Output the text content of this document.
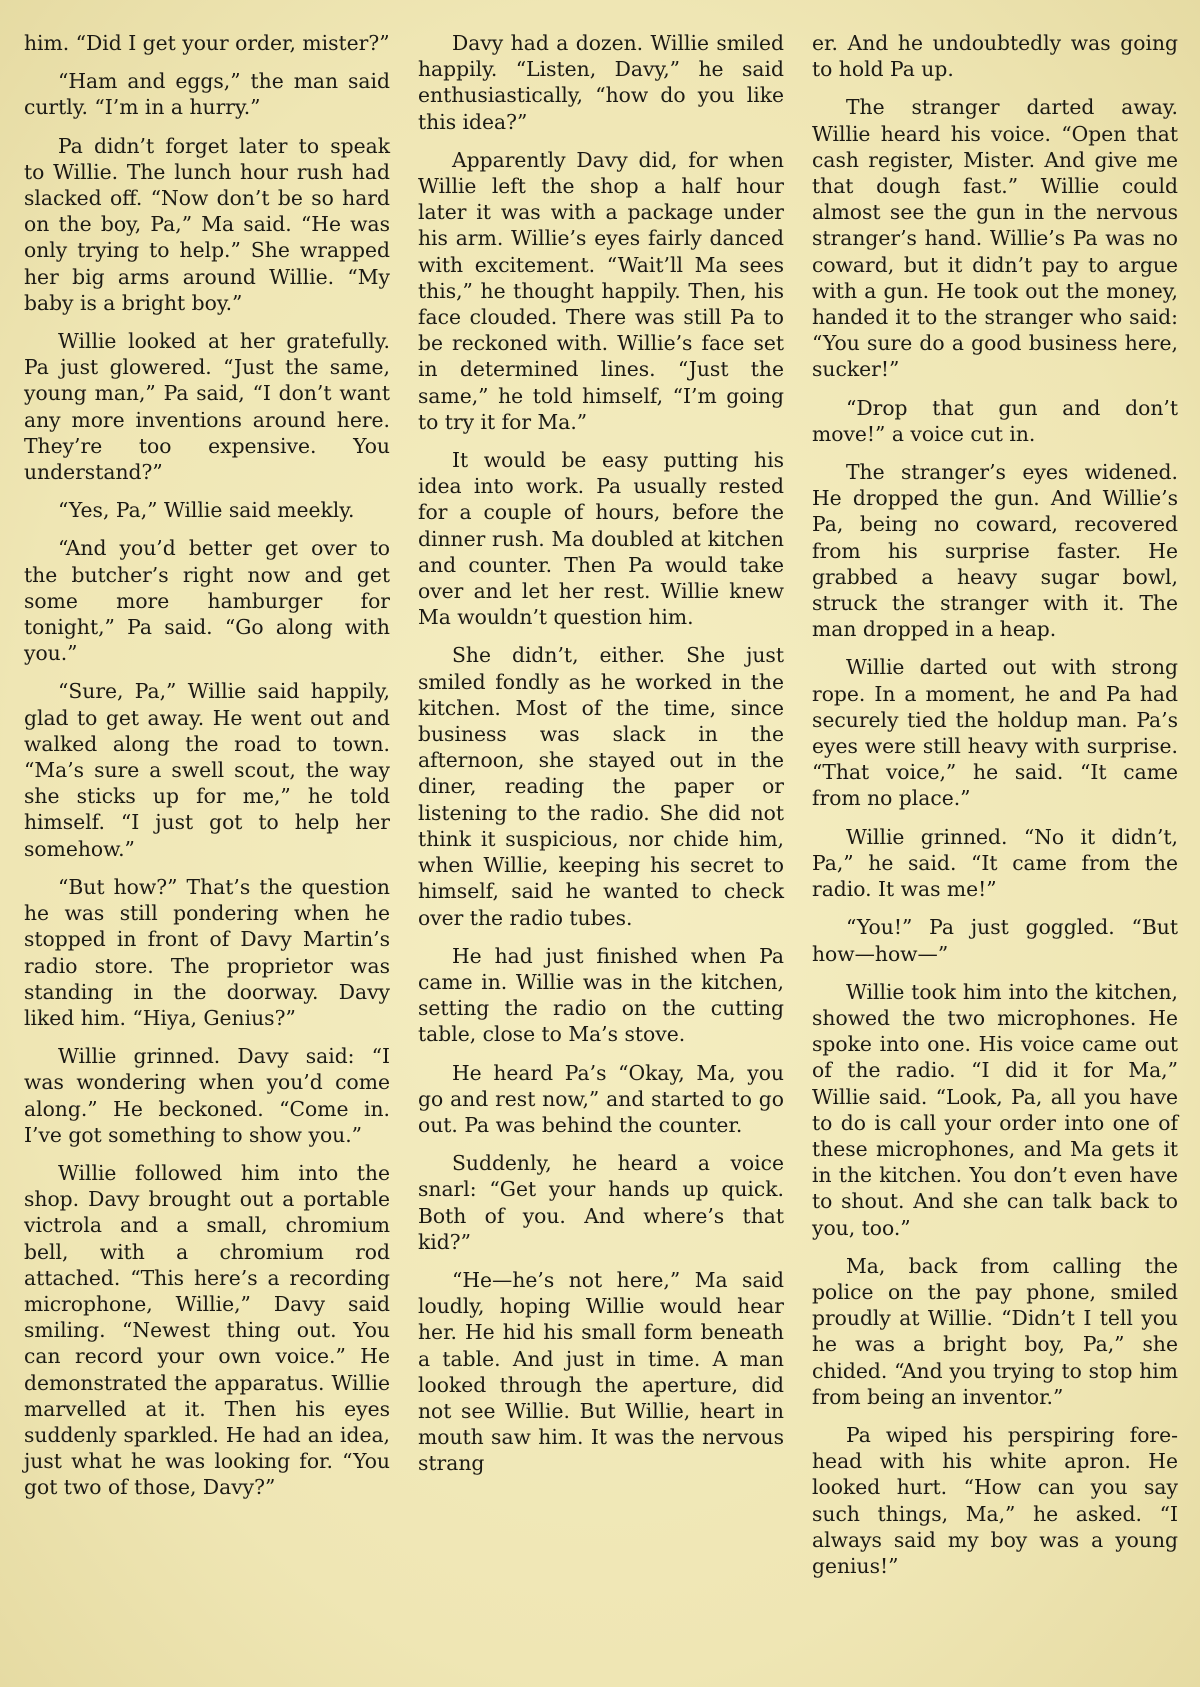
him. “Did I get your order, mister?”

“Ham and eggs,” the man said curtly. “I’m in a hurry.”

Pa didn’t forget later to speak to Willie. The lunch hour rush had slacked off. “Now don’t be so hard on the boy, Pa,” Ma said. “He was only trying to help.” She wrapped her big arms around Willie. “My baby is a bright boy.”

Willie looked at her gratefully. Pa just glowered. “Just the same, young man,” Pa said, “I don’t want any more inventions around here. They’re too expensive. You understand?”

“Yes, Pa,” Willie said meekly.

“And you’d better get over to the butcher’s right now and get some more hamburger for tonight,” Pa said. “Go along with you.”

“Sure, Pa,” Willie said happily, glad to get away. He went out and walked along the road to town. “Ma’s sure a swell scout, the way she sticks up for me,” he told himself. “I just got to help her somehow.”

“But how?” That’s the question he was still pondering when he stopped in front of Davy Martin’s radio store. The proprietor was standing in the doorway. Davy liked him. “Hiya, Genius?”

Willie grinned. Davy said: “I was wondering when you’d come along.” He beckoned. “Come in. I’ve got something to show you.”

Willie followed him into the shop. Davy brought out a portable victrola and a small, chromium bell, with a chromium rod attached. “This here’s a recording microphone, Willie,” Davy said smiling. “Newest thing out. You can record your own voice.” He demonstrated the apparatus. Willie marvelled at it. Then his eyes suddenly sparkled. He had an idea, just what he was looking for. “You got two of those, Davy?”

Davy had a dozen. Willie smiled happily. “Listen, Davy,” he said enthusiastically, “how do you like this idea?”

Apparently Davy did, for when Willie left the shop a half hour later it was with a package under his arm. Willie’s eyes fairly danced with excitement. “Wait’ll Ma sees this,” he thought happily. Then, his face clouded. There was still Pa to be reckoned with. Willie’s face set in determined lines. “Just the same,” he told himself, “I’m going to try it for Ma.”

It would be easy putting his idea into work. Pa usually rested for a couple of hours, before the dinner rush. Ma doubled at kitchen and counter. Then Pa would take over and let her rest. Willie knew Ma wouldn’t question him.

She didn’t, either. She just smiled fondly as he worked in the kitchen. Most of the time, since business was slack in the afternoon, she stayed out in the diner, reading the paper or listening to the radio. She did not think it suspicious, nor chide him, when Willie, keeping his secret to himself, said he wanted to check over the radio tubes.

He had just finished when Pa came in. Willie was in the kitchen, setting the radio on the cutting table, close to Ma’s stove.

He heard Pa’s “Okay, Ma, you go and rest now,” and started to go out. Pa was behind the counter.

Suddenly, he heard a voice snarl: “Get your hands up quick. Both of you. And where’s that kid?”

“He—he’s not here,” Ma said loudly, hoping Willie would hear her. He hid his small form beneath a table. And just in time. A man looked through the aperture, did not see Willie. But Willie, heart in mouth saw him. It was the nervous strang

er. And he undoubtedly was going to hold Pa up.

The stranger darted away. Willie heard his voice. “Open that cash register, Mister. And give me that dough fast.” Willie could almost see the gun in the nervous stranger’s hand. Willie’s Pa was no coward, but it didn’t pay to argue with a gun. He took out the money, handed it to the stranger who said: “You sure do a good business here, sucker!”

“Drop that gun and don’t move!” a voice cut in.

The stranger’s eyes widened. He dropped the gun. And Willie’s Pa, being no coward, recovered from his surprise faster. He grabbed a heavy sugar bowl, struck the stranger with it. The man dropped in a heap.

Willie darted out with strong rope. In a moment, he and Pa had securely tied the holdup man. Pa’s eyes were still heavy with surprise. “That voice,” he said. “It came from no place.”

Willie grinned. “No it didn’t, Pa,” he said. “It came from the radio. It was me!”

“You!” Pa just goggled. “But how—how—”

Willie took him into the kitchen, showed the two microphones. He spoke into one. His voice came out of the radio. “I did it for Ma,” Willie said. “Look, Pa, all you have to do is call your order into one of these microphones, and Ma gets it in the kitchen. You don’t even have to shout. And she can talk back to you, too.”

Ma, back from calling the police on the pay phone, smiled proudly at Willie. “Didn’t I tell you he was a bright boy, Pa,” she chided. “And you trying to stop him from being an inventor.”

Pa wiped his perspiring forehead with his white apron. He looked hurt. “How can you say such things, Ma,” he asked. “I always said my boy was a young genius!”
